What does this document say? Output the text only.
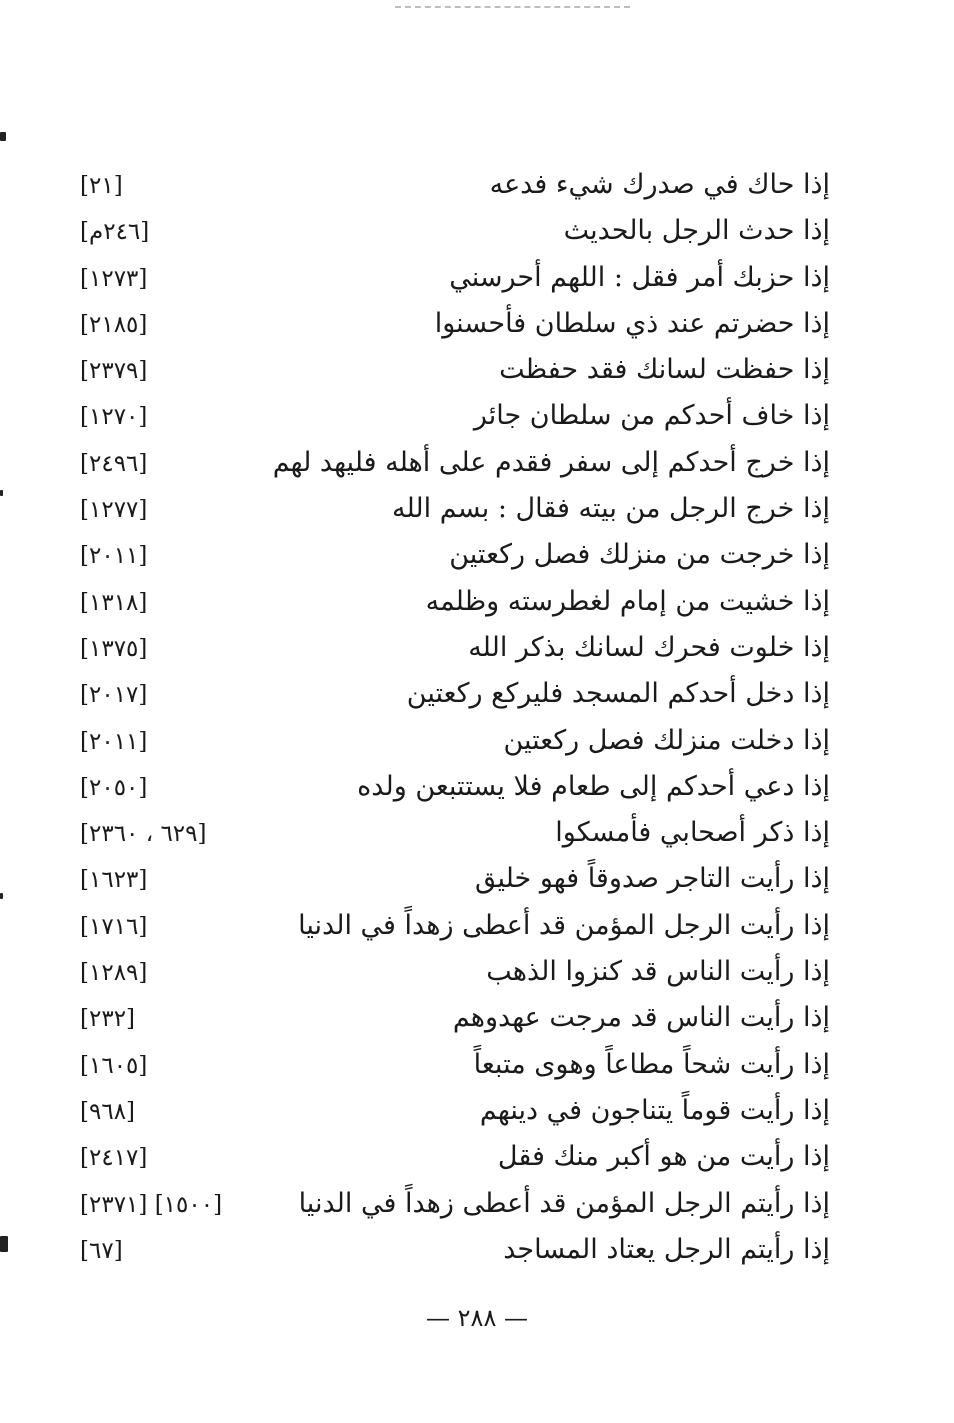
إذا حاك في صدرك شيء فدعه
[٢١]
إذا حدث الرجل بالحديث
[٢٤٦م]
إذا حزبك أمر فقل : اللهم أحرسني
[١٢٧٣]
إذا حضرتم عند ذي سلطان فأحسنوا
[٢١٨٥]
إذا حفظت لسانك فقد حفظت
[٢٣٧٩]
إذا خاف أحدكم من سلطان جائر
[١٢٧٠]
إذا خرج أحدكم إلى سفر فقدم على أهله فليهد لهم
[٢٤٩٦]
إذا خرج الرجل من بيته فقال : بسم الله
[١٢٧٧]
إذا خرجت من منزلك فصل ركعتين
[٢٠١١]
إذا خشيت من إمام لغطرسته وظلمه
[١٣١٨]
إذا خلوت فحرك لسانك بذكر الله
[١٣٧٥]
إذا دخل أحدكم المسجد فليركع ركعتين
[٢٠١٧]
إذا دخلت منزلك فصل ركعتين
[٢٠١١]
إذا دعي أحدكم إلى طعام فلا يستتبعن ولده
[٢٠٥٠]
إذا ذكر أصحابي فأمسكوا
[٦٢٩ ، ٢٣٦٠]
إذا رأيت التاجر صدوقاً فهو خليق
[١٦٢٣]
إذا رأيت الرجل المؤمن قد أعطى زهداً في الدنيا
[١٧١٦]
إذا رأيت الناس قد كنزوا الذهب
[١٢٨٩]
إذا رأيت الناس قد مرجت عهدوهم
[٢٣٢]
إذا رأيت شحاً مطاعاً وهوى متبعاً
[١٦٠٥]
إذا رأيت قوماً يتناجون في دينهم
[٩٦٨]
إذا رأيت من هو أكبر منك فقل
[٢٤١٧]
إذا رأيتم الرجل المؤمن قد أعطى زهداً في الدنيا
[١٥٠٠] [٢٣٧١]
إذا رأيتم الرجل يعتاد المساجد
[٦٧]
— ٢٨٨ —
